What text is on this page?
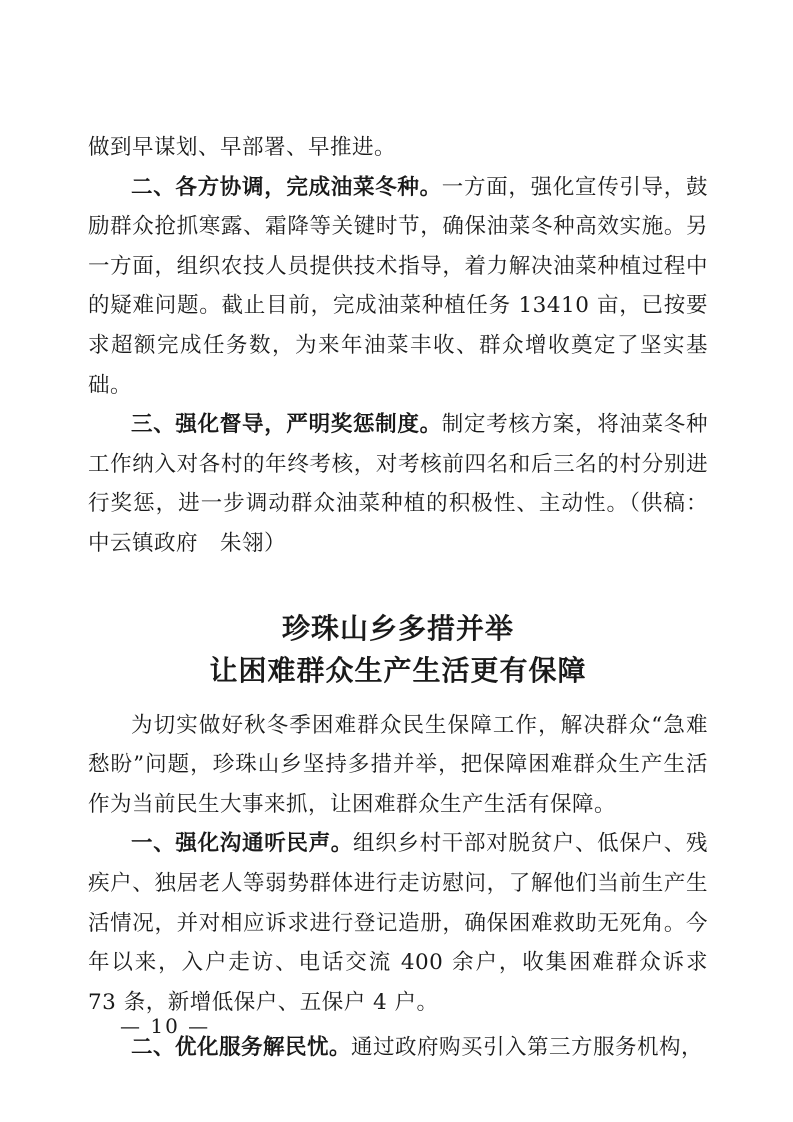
做到早谋划、早部署、早推进。

二、各方协调，完成油菜冬种。一方面，强化宣传引导，鼓励群众抢抓寒露、霜降等关键时节，确保油菜冬种高效实施。另一方面，组织农技人员提供技术指导，着力解决油菜种植过程中的疑难问题。截止目前，完成油菜种植任务 13410 亩，已按要求超额完成任务数，为来年油菜丰收、群众增收奠定了坚实基础。

三、强化督导，严明奖惩制度。制定考核方案，将油菜冬种工作纳入对各村的年终考核，对考核前四名和后三名的村分别进行奖惩，进一步调动群众油菜种植的积极性、主动性。（供稿：中云镇政府　朱翎）

珍珠山乡多措并举
让困难群众生产生活更有保障

为切实做好秋冬季困难群众民生保障工作，解决群众“急难愁盼”问题，珍珠山乡坚持多措并举，把保障困难群众生产生活作为当前民生大事来抓，让困难群众生产生活有保障。

一、强化沟通听民声。组织乡村干部对脱贫户、低保户、残疾户、独居老人等弱势群体进行走访慰问，了解他们当前生产生活情况，并对相应诉求进行登记造册，确保困难救助无死角。今年以来，入户走访、电话交流 400 余户，收集困难群众诉求 73 条，新增低保户、五保户 4 户。

二、优化服务解民忧。通过政府购买引入第三方服务机构，

— 10 —
